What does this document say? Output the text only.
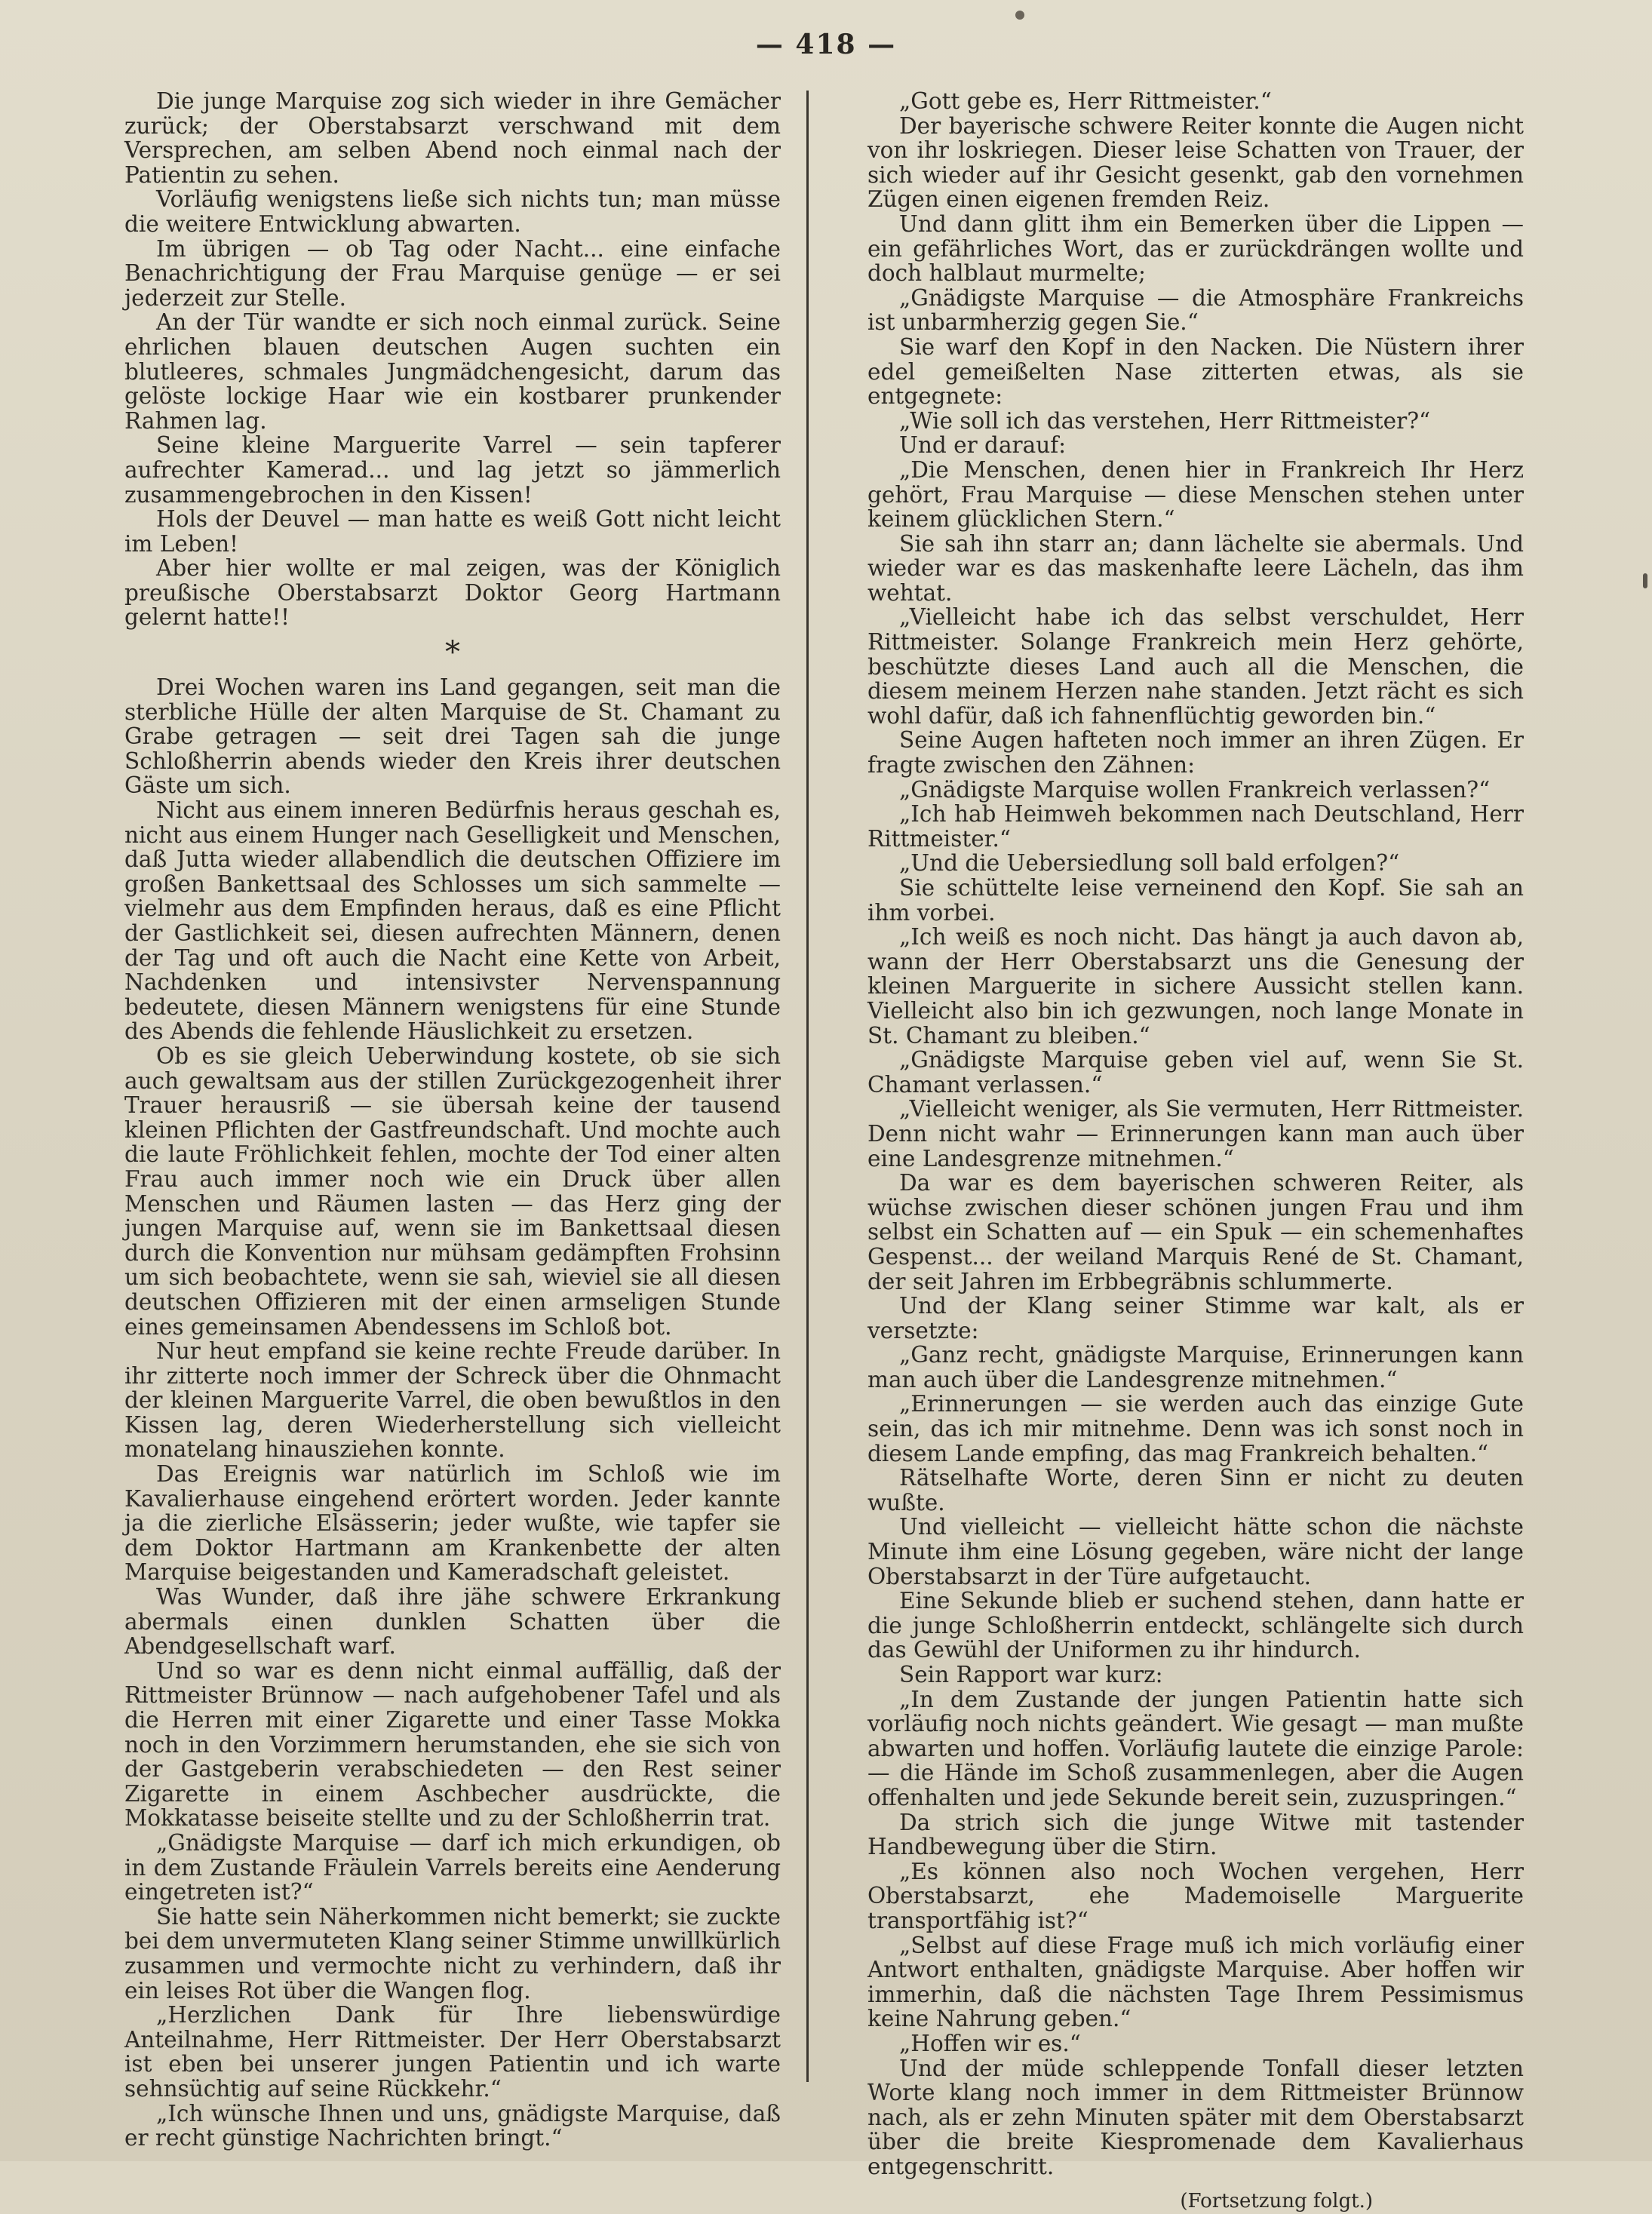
— 418 —

Die junge Marquise zog sich wieder in ihre Gemächer zurück; der Oberstabsarzt verschwand mit dem Versprechen, am selben Abend noch einmal nach der Patientin zu sehen.

Vorläufig wenigstens ließe sich nichts tun; man müsse die weitere Entwicklung abwarten.

Im übrigen — ob Tag oder Nacht... eine einfache Benachrichtigung der Frau Marquise genüge — er sei jederzeit zur Stelle.

An der Tür wandte er sich noch einmal zurück. Seine ehrlichen blauen deutschen Augen suchten ein blutleeres, schmales Jungmädchengesicht, darum das gelöste lockige Haar wie ein kostbarer prunkender Rahmen lag.

Seine kleine Marguerite Varrel — sein tapferer aufrechter Kamerad... und lag jetzt so jämmerlich zusammengebrochen in den Kissen!

Hols der Deuvel — man hatte es weiß Gott nicht leicht im Leben!

Aber hier wollte er mal zeigen, was der Königlich preußische Oberstabsarzt Doktor Georg Hartmann gelernt hatte!!

*

Drei Wochen waren ins Land gegangen, seit man die sterbliche Hülle der alten Marquise de St. Chamant zu Grabe getragen — seit drei Tagen sah die junge Schloßherrin abends wieder den Kreis ihrer deutschen Gäste um sich.

Nicht aus einem inneren Bedürfnis heraus geschah es, nicht aus einem Hunger nach Geselligkeit und Menschen, daß Jutta wieder allabendlich die deutschen Offiziere im großen Bankettsaal des Schlosses um sich sammelte — vielmehr aus dem Empfinden heraus, daß es eine Pflicht der Gastlichkeit sei, diesen aufrechten Männern, denen der Tag und oft auch die Nacht eine Kette von Arbeit, Nachdenken und intensivster Nervenspannung bedeutete, diesen Männern wenigstens für eine Stunde des Abends die fehlende Häuslichkeit zu ersetzen.

Ob es sie gleich Ueberwindung kostete, ob sie sich auch gewaltsam aus der stillen Zurückgezogenheit ihrer Trauer herausriß — sie übersah keine der tausend kleinen Pflichten der Gastfreundschaft. Und mochte auch die laute Fröhlichkeit fehlen, mochte der Tod einer alten Frau auch immer noch wie ein Druck über allen Menschen und Räumen lasten — das Herz ging der jungen Marquise auf, wenn sie im Bankettsaal diesen durch die Konvention nur mühsam gedämpften Frohsinn um sich beobachtete, wenn sie sah, wieviel sie all diesen deutschen Offizieren mit der einen armseligen Stunde eines gemeinsamen Abendessens im Schloß bot.

Nur heut empfand sie keine rechte Freude darüber. In ihr zitterte noch immer der Schreck über die Ohnmacht der kleinen Marguerite Varrel, die oben bewußtlos in den Kissen lag, deren Wiederherstellung sich vielleicht monatelang hinausziehen konnte.

Das Ereignis war natürlich im Schloß wie im Kavalierhause eingehend erörtert worden. Jeder kannte ja die zierliche Elsässerin; jeder wußte, wie tapfer sie dem Doktor Hartmann am Krankenbette der alten Marquise beigestanden und Kameradschaft geleistet.

Was Wunder, daß ihre jähe schwere Erkrankung abermals einen dunklen Schatten über die Abendgesellschaft warf.

Und so war es denn nicht einmal auffällig, daß der Rittmeister Brünnow — nach aufgehobener Tafel und als die Herren mit einer Zigarette und einer Tasse Mokka noch in den Vorzimmern herumstanden, ehe sie sich von der Gastgeberin verabschiedeten — den Rest seiner Zigarette in einem Aschbecher ausdrückte, die Mokkatasse beiseite stellte und zu der Schloßherrin trat.

„Gnädigste Marquise — darf ich mich erkundigen, ob in dem Zustande Fräulein Varrels bereits eine Aenderung eingetreten ist?“

Sie hatte sein Näherkommen nicht bemerkt; sie zuckte bei dem unvermuteten Klang seiner Stimme unwillkürlich zusammen und vermochte nicht zu verhindern, daß ihr ein leises Rot über die Wangen flog.

„Herzlichen Dank für Ihre liebenswürdige Anteilnahme, Herr Rittmeister. Der Herr Oberstabsarzt ist eben bei unserer jungen Patientin und ich warte sehnsüchtig auf seine Rückkehr.“

„Ich wünsche Ihnen und uns, gnädigste Marquise, daß er recht günstige Nachrichten bringt.“

„Gott gebe es, Herr Rittmeister.“

Der bayerische schwere Reiter konnte die Augen nicht von ihr loskriegen. Dieser leise Schatten von Trauer, der sich wieder auf ihr Gesicht gesenkt, gab den vornehmen Zügen einen eigenen fremden Reiz.

Und dann glitt ihm ein Bemerken über die Lippen — ein gefährliches Wort, das er zurückdrängen wollte und doch halblaut murmelte;

„Gnädigste Marquise — die Atmosphäre Frankreichs ist unbarmherzig gegen Sie.“

Sie warf den Kopf in den Nacken. Die Nüstern ihrer edel gemeißelten Nase zitterten etwas, als sie entgegnete:

„Wie soll ich das verstehen, Herr Rittmeister?“

Und er darauf:

„Die Menschen, denen hier in Frankreich Ihr Herz gehört, Frau Marquise — diese Menschen stehen unter keinem glücklichen Stern.“

Sie sah ihn starr an; dann lächelte sie abermals. Und wieder war es das maskenhafte leere Lächeln, das ihm wehtat.

„Vielleicht habe ich das selbst verschuldet, Herr Rittmeister. Solange Frankreich mein Herz gehörte, beschützte dieses Land auch all die Menschen, die diesem meinem Herzen nahe standen. Jetzt rächt es sich wohl dafür, daß ich fahnenflüchtig geworden bin.“

Seine Augen hafteten noch immer an ihren Zügen. Er fragte zwischen den Zähnen:

„Gnädigste Marquise wollen Frankreich verlassen?“

„Ich hab Heimweh bekommen nach Deutschland, Herr Rittmeister.“

„Und die Uebersiedlung soll bald erfolgen?“

Sie schüttelte leise verneinend den Kopf. Sie sah an ihm vorbei.

„Ich weiß es noch nicht. Das hängt ja auch davon ab, wann der Herr Oberstabsarzt uns die Genesung der kleinen Marguerite in sichere Aussicht stellen kann. Vielleicht also bin ich gezwungen, noch lange Monate in St. Chamant zu bleiben.“

„Gnädigste Marquise geben viel auf, wenn Sie St. Chamant verlassen.“

„Vielleicht weniger, als Sie vermuten, Herr Rittmeister. Denn nicht wahr — Erinnerungen kann man auch über eine Landesgrenze mitnehmen.“

Da war es dem bayerischen schweren Reiter, als wüchse zwischen dieser schönen jungen Frau und ihm selbst ein Schatten auf — ein Spuk — ein schemenhaftes Gespenst... der weiland Marquis René de St. Chamant, der seit Jahren im Erbbegräbnis schlummerte.

Und der Klang seiner Stimme war kalt, als er versetzte:

„Ganz recht, gnädigste Marquise, Erinnerungen kann man auch über die Landesgrenze mitnehmen.“

„Erinnerungen — sie werden auch das einzige Gute sein, das ich mir mitnehme. Denn was ich sonst noch in diesem Lande empfing, das mag Frankreich behalten.“

Rätselhafte Worte, deren Sinn er nicht zu deuten wußte.

Und vielleicht — vielleicht hätte schon die nächste Minute ihm eine Lösung gegeben, wäre nicht der lange Oberstabsarzt in der Türe aufgetaucht.

Eine Sekunde blieb er suchend stehen, dann hatte er die junge Schloßherrin entdeckt, schlängelte sich durch das Gewühl der Uniformen zu ihr hindurch.

Sein Rapport war kurz:

„In dem Zustande der jungen Patientin hatte sich vorläufig noch nichts geändert. Wie gesagt — man mußte abwarten und hoffen. Vorläufig lautete die einzige Parole: — die Hände im Schoß zusammenlegen, aber die Augen offenhalten und jede Sekunde bereit sein, zuzuspringen.“

Da strich sich die junge Witwe mit tastender Handbewegung über die Stirn.

„Es können also noch Wochen vergehen, Herr Oberstabsarzt, ehe Mademoiselle Marguerite transportfähig ist?“

„Selbst auf diese Frage muß ich mich vorläufig einer Antwort enthalten, gnädigste Marquise. Aber hoffen wir immerhin, daß die nächsten Tage Ihrem Pessimismus keine Nahrung geben.“

„Hoffen wir es.“

Und der müde schleppende Tonfall dieser letzten Worte klang noch immer in dem Rittmeister Brünnow nach, als er zehn Minuten später mit dem Oberstabsarzt über die breite Kiespromenade dem Kavalierhaus entgegenschritt.

(Fortsetzung folgt.)
